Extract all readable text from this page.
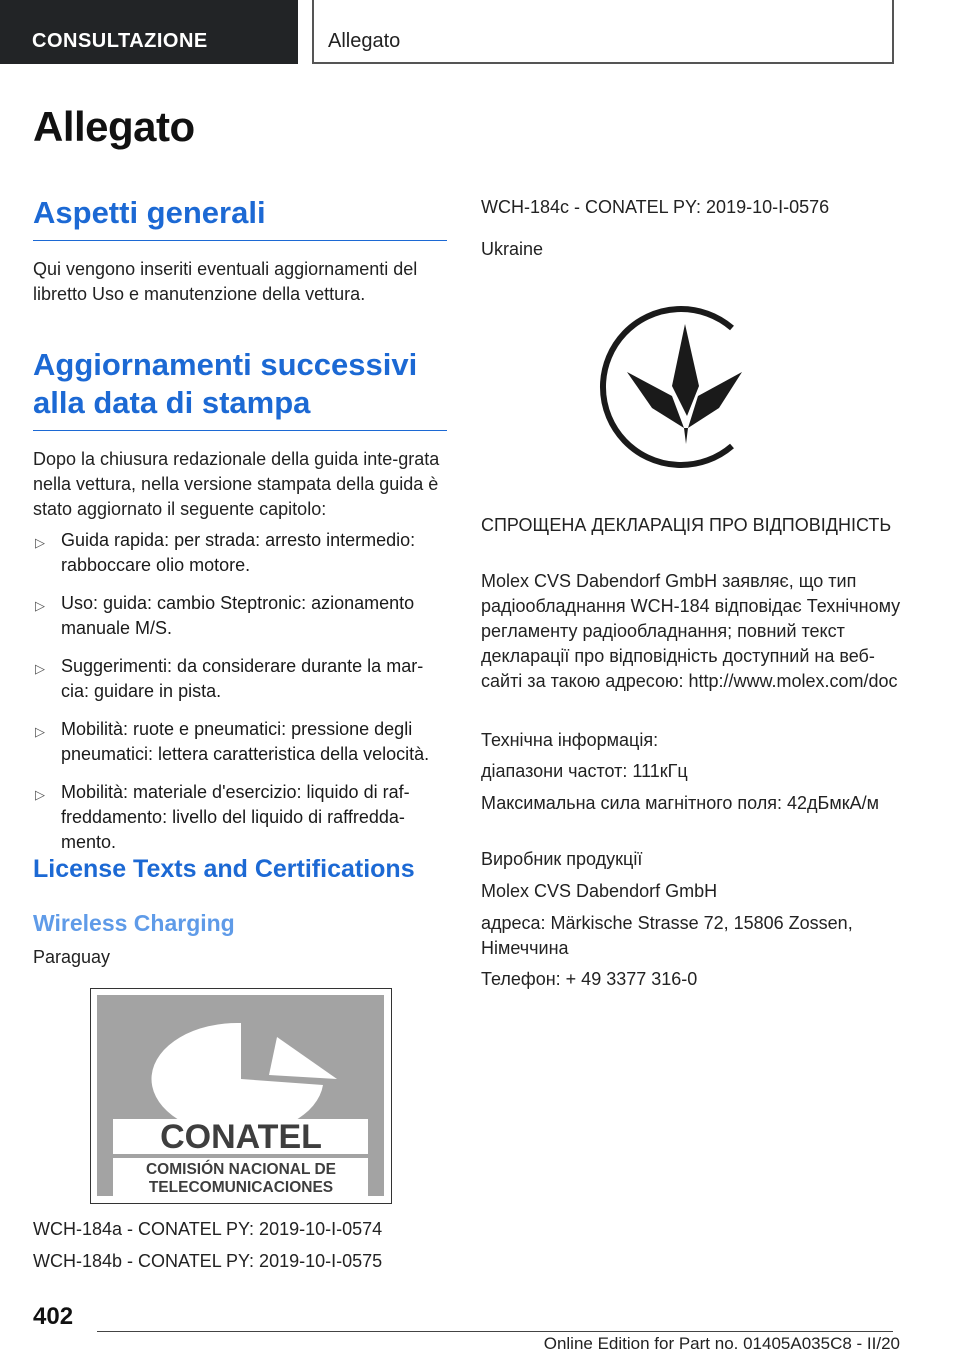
CONSULTAZIONE	Allegato
Allegato
Aspetti generali

Qui vengono inseriti eventuali aggiornamenti del libretto Uso e manutenzione della vettura.

Aggiornamenti successivi
alla data di stampa

Dopo la chiusura redazionale della guida inte-grata nella vettura, nella versione stampata della guida è stato aggiornato il seguente capitolo:

▷ Guida rapida: per strada: arresto intermedio: rabboccare olio motore.
▷ Uso: guida: cambio Steptronic: azionamento manuale M/S.
▷ Suggerimenti: da considerare durante la mar-cia: guidare in pista.
▷ Mobilità: ruote e pneumatici: pressione degli pneumatici: lettera caratteristica della velocità.
▷ Mobilità: materiale d'esercizio: liquido di raf-freddamento: livello del liquido di raffredda-mento.
License Texts and Certifications
Wireless Charging

Paraguay

CONATEL
COMISIÓN NACIONAL DE
TELECOMUNICACIONES

WCH-184a - CONATEL PY: 2019-10-I-0574

WCH-184b - CONATEL PY: 2019-10-I-0575

WCH-184c - CONATEL PY: 2019-10-I-0576

Ukraine

СПРОЩЕНА ДЕКЛАРАЦІЯ ПРО ВІДПОВІДНІСТЬ

Molex CVS Dabendorf GmbH заявляє, що тип радіообладнання WCH-184 відповідає Технічному регламенту радіообладнання; повний текст декларації про відповідність доступний на веб-сайті за такою адресою: http://www.molex.com/doc

Технічна інформація:

діапазони частот: 111кГц

Максимальна сила магнітного поля: 42дБмкА/м

Виробник продукції

Molex CVS Dabendorf GmbH

адреса: Märkische Strasse 72, 15806 Zossen, Німеччина

Телефон: + 49 3377 316-0

402
Online Edition for Part no. 01405A035C8 - II/20
